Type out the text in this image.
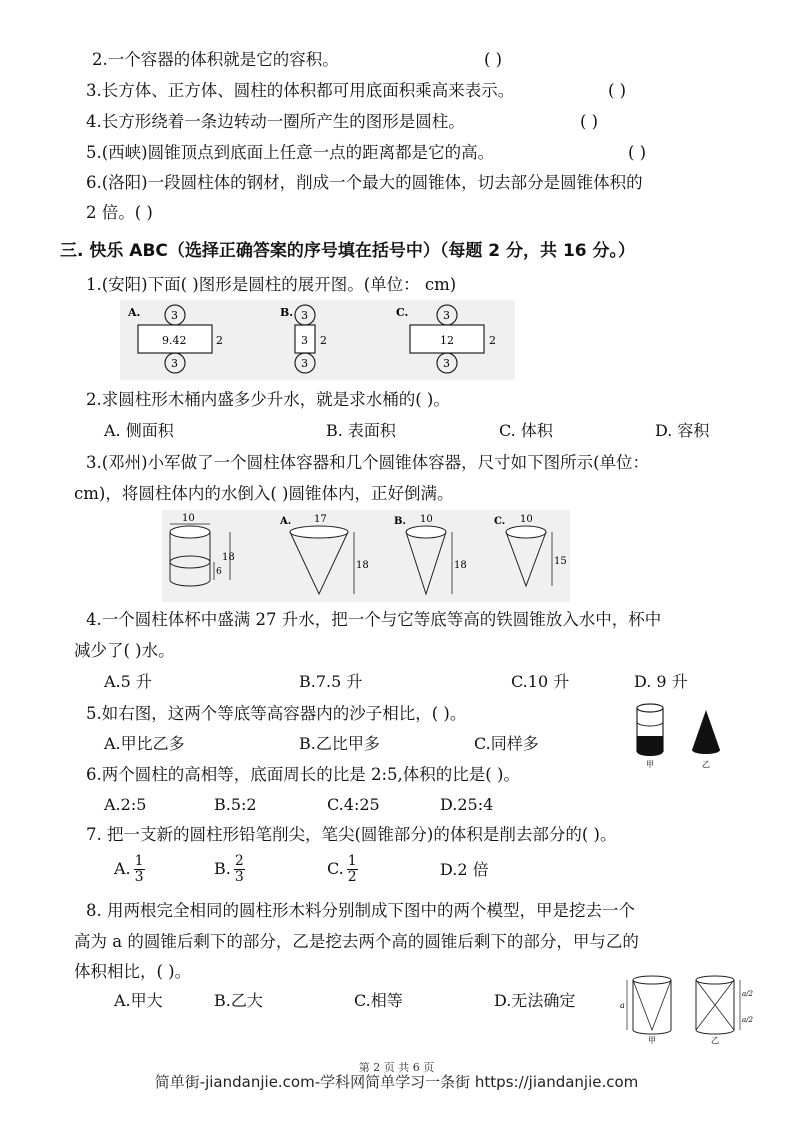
2.一个容器的体积就是它的容积。	( )
3.长方体、正方体、圆柱的体积都可用底面积乘高来表示。	( )
4.长方形绕着一条边转动一圈所产生的图形是圆柱。	( )
5.(西峡)圆锥顶点到底面上任意一点的距离都是它的高。	( )
6.(洛阳)一段圆柱体的钢材，削成一个最大的圆锥体，切去部分是圆锥体积的
2 倍。( )
三. 快乐 ABC（选择正确答案的序号填在括号中）（每题 2 分，共 16 分。）
1.(安阳)下面( )图形是圆柱的展开图。(单位： cm)
A.	3
9.42	2
3
B. 3
3 2
3
C.	3
12	2
3
2.求圆柱形木桶内盛多少升水，就是求水桶的( )。
A. 侧面积	B. 表面积	C. 体积	D. 容积
3.(邓州)小军做了一个圆柱体容器和几个圆锥体容器，尺寸如下图所示(单位：
cm)，将圆柱体内的水倒入( )圆锥体内，正好倒满。
10
18
6
A. 17
18
B. 10
18
C. 10
15
4.一个圆柱体杯中盛满 27 升水，把一个与它等底等高的铁圆锥放入水中，杯中
减少了( )水。
A.5 升	B.7.5 升	C.10 升	D. 9 升
5.如右图，这两个等底等高容器内的沙子相比，( )。
A.甲比乙多	B.乙比甲多	C.同样多
甲	乙
6.两个圆柱的高相等，底面周长的比是 2:5,体积的比是( )。
A.2:5	B.5:2	C.4:25	D.25:4
7. 把一支新的圆柱形铅笔削尖，笔尖(圆锥部分)的体积是削去部分的( )。
A. $\frac{1}{3}$	B. $\frac{2}{3}$	C. $\frac{1}{2}$	D.2 倍
8. 用两根完全相同的圆柱形木料分别制成下图中的两个模型，甲是挖去一个
高为 a 的圆锥后剩下的部分，乙是挖去两个高的圆锥后剩下的部分，甲与乙的
体积相比，( )。
A.甲大	B.乙大	C.相等	D.无法确定	a
甲
a/2
a/2
乙
第 2 页 共 6 页
简单街-jiandanjie.com-学科网简单学习一条街 https://jiandanjie.com
